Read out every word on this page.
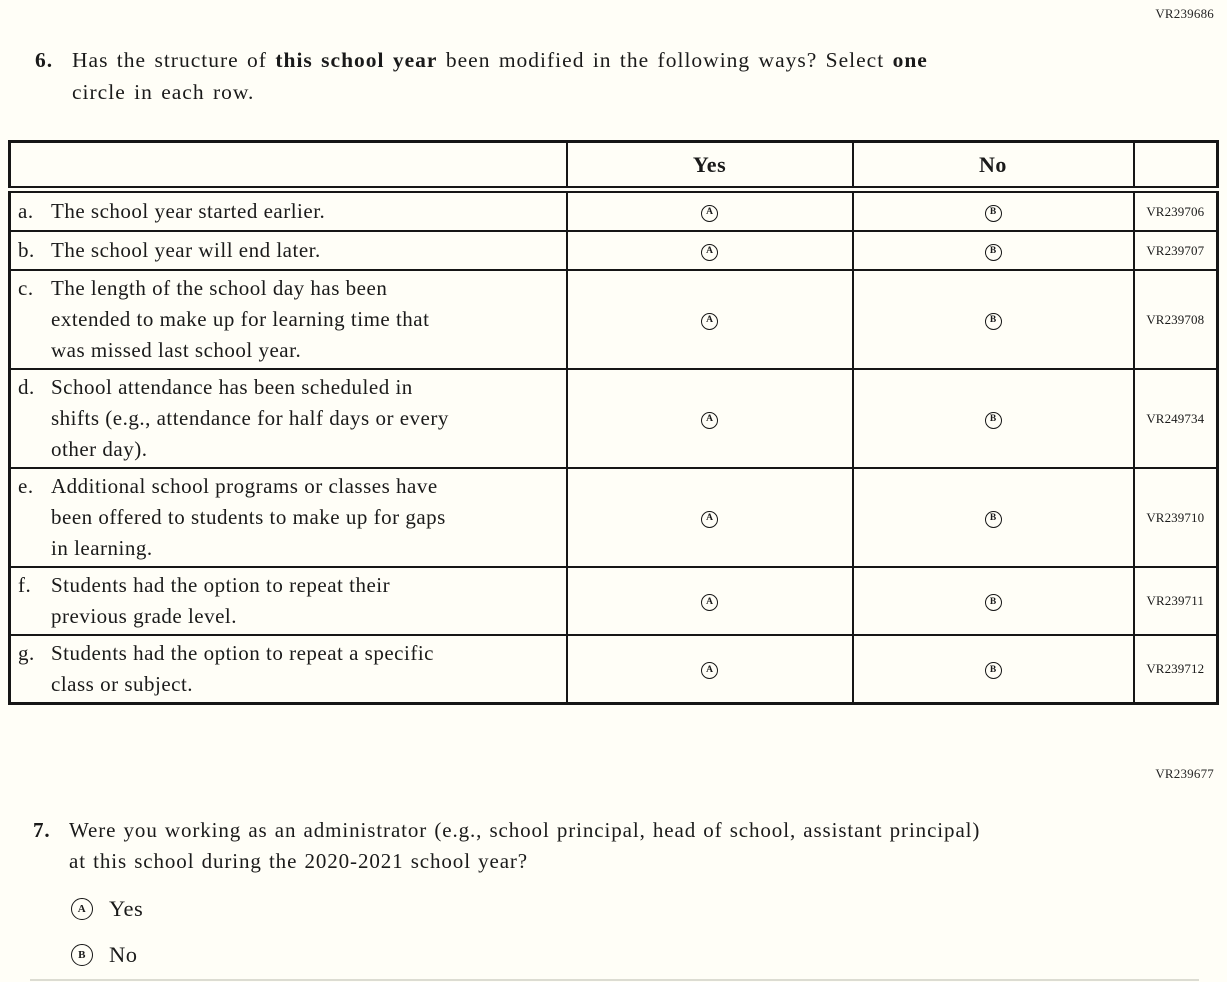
VR239686
6. Has the structure of this school year been modified in the following ways? Select one
circle in each row.
	Yes	No	

a. The school year started earlier.	A	B	VR239706

b. The school year will end later.	A	B	VR239707

c. The length of the school day has been
extended to make up for learning time that
was missed last school year.	A	B	VR239708

d. School attendance has been scheduled in
shifts (e.g., attendance for half days or every
other day).	A	B	VR249734

e. Additional school programs or classes have
been offered to students to make up for gaps
in learning.	A	B	VR239710

f. Students had the option to repeat their
previous grade level.	A	B	VR239711

g. Students had the option to repeat a specific
class or subject.	A	B	VR239712
VR239677
7. Were you working as an administrator (e.g., school principal, head of school, assistant principal)
at this school during the 2020-2021 school year?
A	Yes
B	No
